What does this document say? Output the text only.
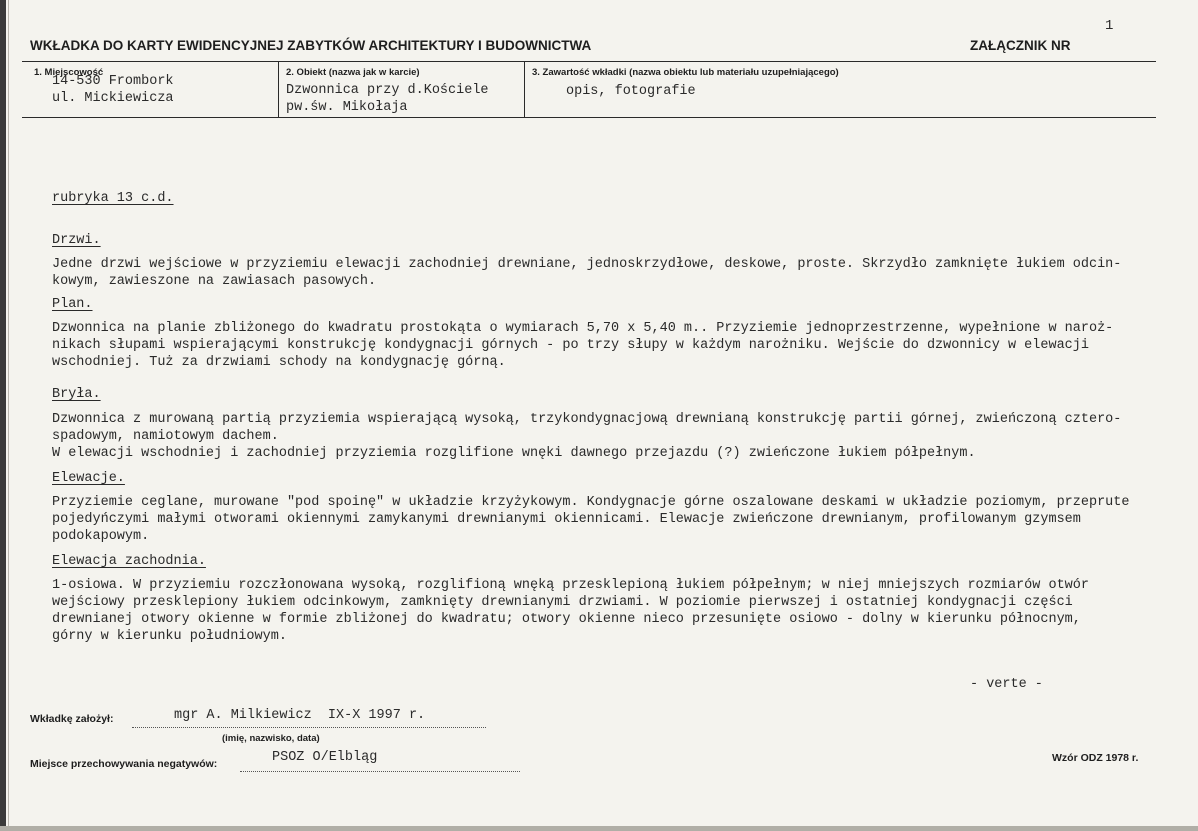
1
WKŁADKA DO KARTY EWIDENCYJNEJ ZABYTKÓW ARCHITEKTURY I BUDOWNICTWA	ZAŁĄCZNIK NR
1. Miejscowość
14-530 Frombork
ul. Mickiewicza
2. Obiekt (nazwa jak w karcie)
Dzwonnica przy d.Kościele
pw.św. Mikołaja
3. Zawartość wkładki (nazwa obiektu lub materiału uzupełniającego)
opis, fotografie
rubryka 13 c.d.
Drzwi.
Jedne drzwi wejściowe w przyziemiu elewacji zachodniej drewniane, jednoskrzydłowe, deskowe, proste. Skrzydło zamknięte łukiem odcin-
kowym, zawieszone na zawiasach pasowych.
Plan.
Dzwonnica na planie zbliżonego do kwadratu prostokąta o wymiarach 5,70 x 5,40 m.. Przyziemie jednoprzestrzenne, wypełnione w naroż-
nikach słupami wspierającymi konstrukcję kondygnacji górnych - po trzy słupy w każdym narożniku. Wejście do dzwonnicy w elewacji
wschodniej. Tuż za drzwiami schody na kondygnację górną.
Bryła.
Dzwonnica z murowaną partią przyziemia wspierającą wysoką, trzykondygnacjową drewnianą konstrukcję partii górnej, zwieńczoną cztero-
spadowym, namiotowym dachem.
W elewacji wschodniej i zachodniej przyziemia rozglifione wnęki dawnego przejazdu (?) zwieńczone łukiem półpełnym.
Elewacje.
Przyziemie ceglane, murowane "pod spoinę" w układzie krzyżykowym. Kondygnacje górne oszalowane deskami w układzie poziomym, przeprute
pojedyńczymi małymi otworami okiennymi zamykanymi drewnianymi okiennicami. Elewacje zwieńczone drewnianym, profilowanym gzymsem
podokapowym.
Elewacja zachodnia.
1-osiowa. W przyziemiu rozczłonowana wysoką, rozglifioną wnęką przesklepioną łukiem półpełnym; w niej mniejszych rozmiarów otwór
wejściowy przesklepiony łukiem odcinkowym, zamknięty drewnianymi drzwiami. W poziomie pierwszej i ostatniej kondygnacji części
drewnianej otwory okienne w formie zbliżonej do kwadratu; otwory okienne nieco przesunięte osiowo - dolny w kierunku północnym,
górny w kierunku południowym.
- verte -
Wkładkę założył:	mgr A. Milkiewicz  IX-X 1997 r.
(imię, nazwisko, data)
Miejsce przechowywania negatywów:	PSOZ O/Elbląg	Wzór ODZ 1978 r.
